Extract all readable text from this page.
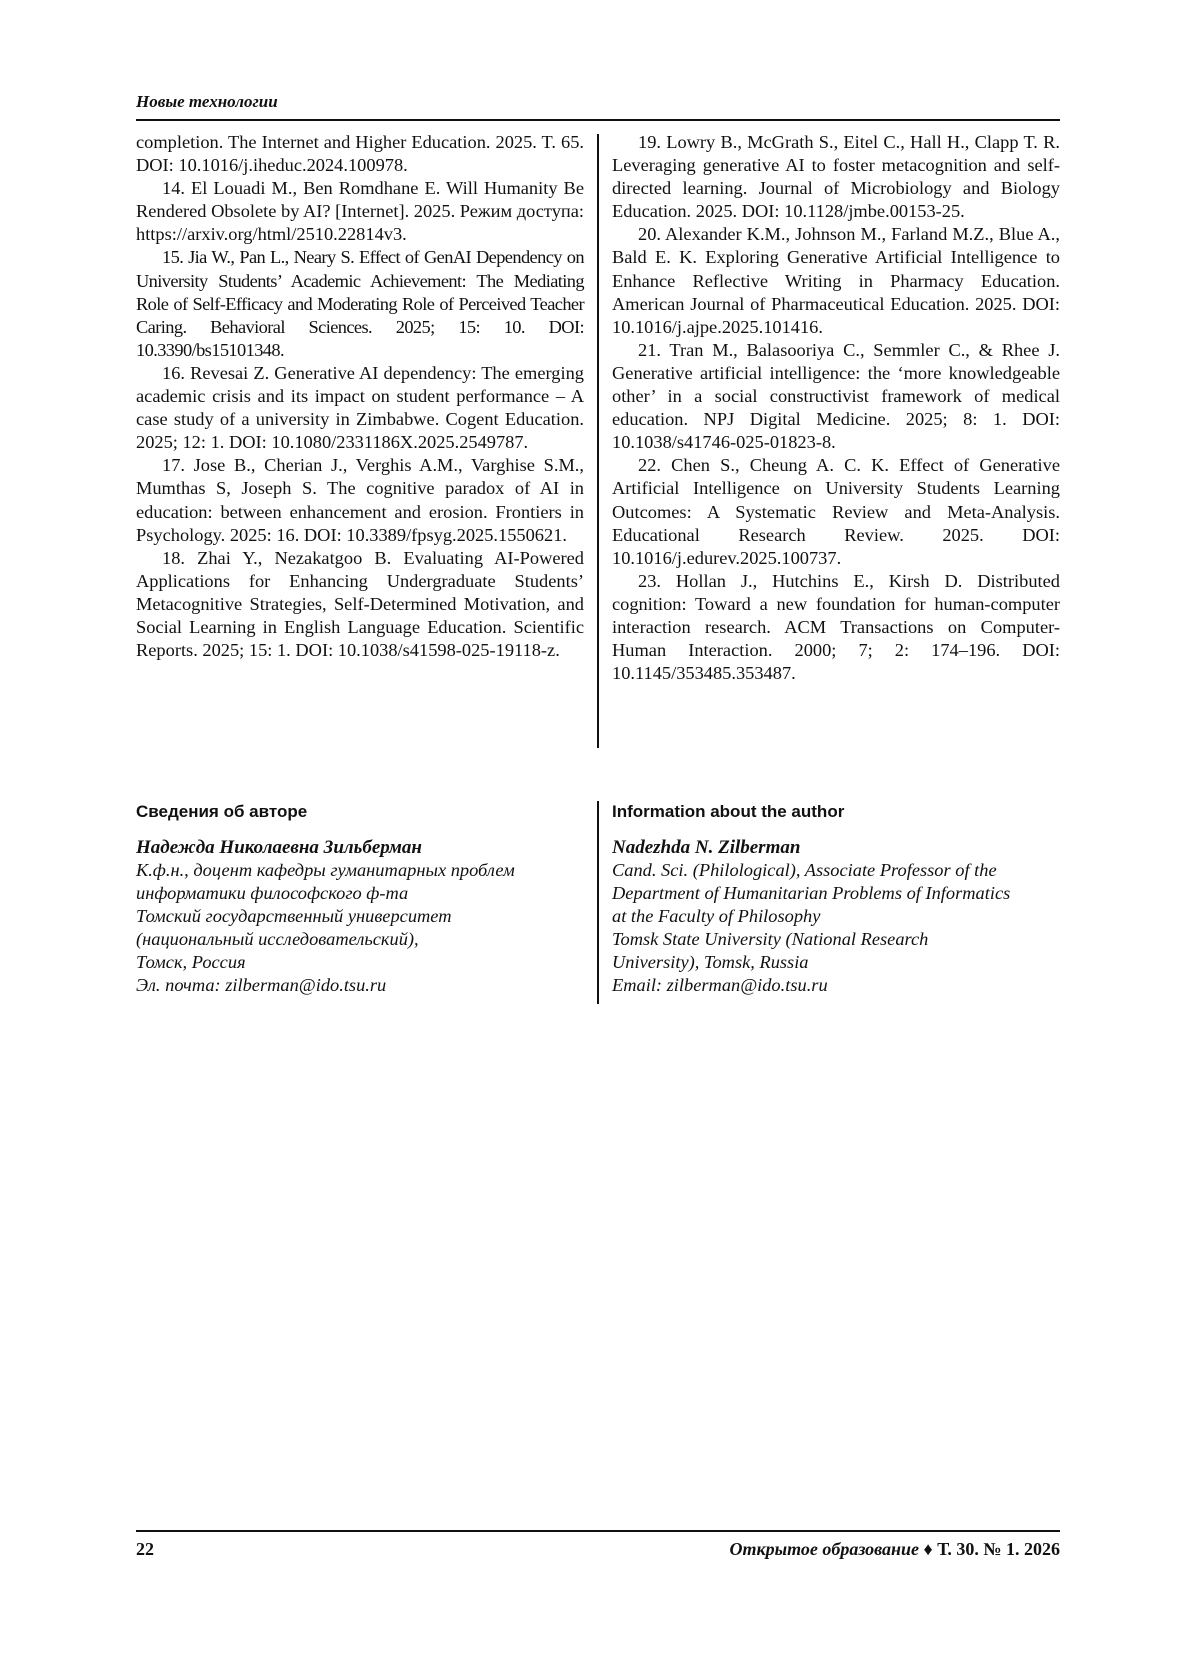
Новые технологии

completion. The Internet and Higher Education. 2025. T. 65. DOI: 10.1016/j.iheduc.2024.100978.

14. El Louadi M., Ben Romdhane E. Will Humanity Be Rendered Obsolete by AI? [Internet]. 2025. Режим доступа: https://arxiv.org/html/2510.22814v3.

15. Jia W., Pan L., Neary S. Effect of GenAI Dependency on University Students’ Academic Achievement: The Mediating Role of Self-Efficacy and Moderating Role of Perceived Teacher Caring. Behavioral Sciences. 2025; 15: 10. DOI: 10.3390/bs15101348.

16. Revesai Z. Generative AI dependency: The emerging academic crisis and its impact on student performance – A case study of a university in Zimbabwe. Cogent Education. 2025; 12: 1. DOI: 10.1080/2331186X.2025.2549787.

17. Jose B., Cherian J., Verghis A.M., Varghise S.M., Mumthas S, Joseph S. The cognitive paradox of AI in education: between enhancement and erosion. Frontiers in Psychology. 2025: 16. DOI: 10.3389/fpsyg.2025.1550621.

18. Zhai Y., Nezakatgoo B. Evaluating AI-Powered Applications for Enhancing Undergraduate Students’ Metacognitive Strategies, Self-Determined Motivation, and Social Learning in English Language Education. Scientific Reports. 2025; 15: 1. DOI: 10.1038/s41598-025-19118-z.

19. Lowry B., McGrath S., Eitel C., Hall H., Clapp T. R. Leveraging generative AI to foster metacognition and self-directed learning. Journal of Microbiology and Biology Education. 2025. DOI: 10.1128/jmbe.00153-25.

20. Alexander K.M., Johnson M., Farland M.Z., Blue A., Bald E. K. Exploring Generative Artificial Intelligence to Enhance Reflective Writing in Pharmacy Education. American Journal of Pharmaceutical Education. 2025. DOI: 10.1016/j.ajpe.2025.101416.

21. Tran M., Balasooriya C., Semmler C., & Rhee J. Generative artificial intelligence: the ‘more knowledgeable other’ in a social constructivist framework of medical education. NPJ Digital Medicine. 2025; 8: 1. DOI: 10.1038/s41746-025-01823-8.

22. Chen S., Cheung A. C. K. Effect of Generative Artificial Intelligence on University Students Learning Outcomes: A Systematic Review and Meta-Analysis. Educational Research Review. 2025. DOI: 10.1016/j.edurev.2025.100737.

23. Hollan J., Hutchins E., Kirsh D. Distributed cognition: Toward a new foundation for human-computer interaction research. ACM Transactions on Computer-Human Interaction. 2000; 7; 2: 174–196. DOI: 10.1145/353485.353487.

Сведения об авторе
Надежда Николаевна Зильберман
К.ф.н., доцент кафедры гуманитарных проблем
информатики философского ф-та
Томский государственный университет
(национальный исследовательский),
Томск, Россия
Эл. почта: zilberman@ido.tsu.ru
Information about the author
Nadezhda N. Zilberman
Cand. Sci. (Philological), Associate Professor of the
Department of Humanitarian Problems of Informatics
at the Faculty of Philosophy
Tomsk State University (National Research
University), Tomsk, Russia
Email: zilberman@ido.tsu.ru
22	Открытое образование ♦ Т. 30. № 1. 2026
